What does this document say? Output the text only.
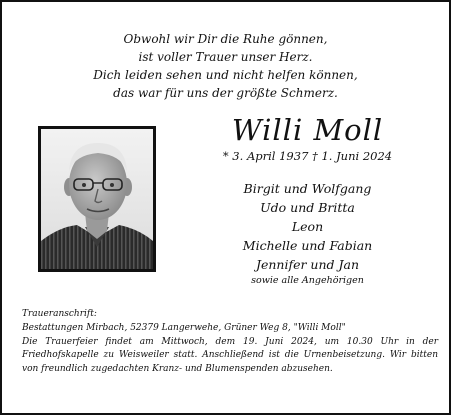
Obwohl wir Dir die Ruhe gönnen,
ist voller Trauer unser Herz.
Dich leiden sehen und nicht helfen können,
das war für uns der größte Schmerz.
Willi Moll
* 3. April 1937 † 1. Juni 2024
Birgit und Wolfgang
Udo und Britta
Leon
Michelle und Fabian
Jennifer und Jan
sowie alle Angehörigen
Traueranschrift:
Bestattungen Mirbach, 52379 Langerwehe, Grüner Weg 8, "Willi Moll"
Die Trauerfeier findet am Mittwoch, dem 19. Juni 2024, um 10.30 Uhr in der Friedhofskapelle zu Weisweiler statt. Anschließend ist die Urnenbeisetzung. Wir bitten von freundlich zugedachten Kranz- und Blumenspenden abzusehen.
